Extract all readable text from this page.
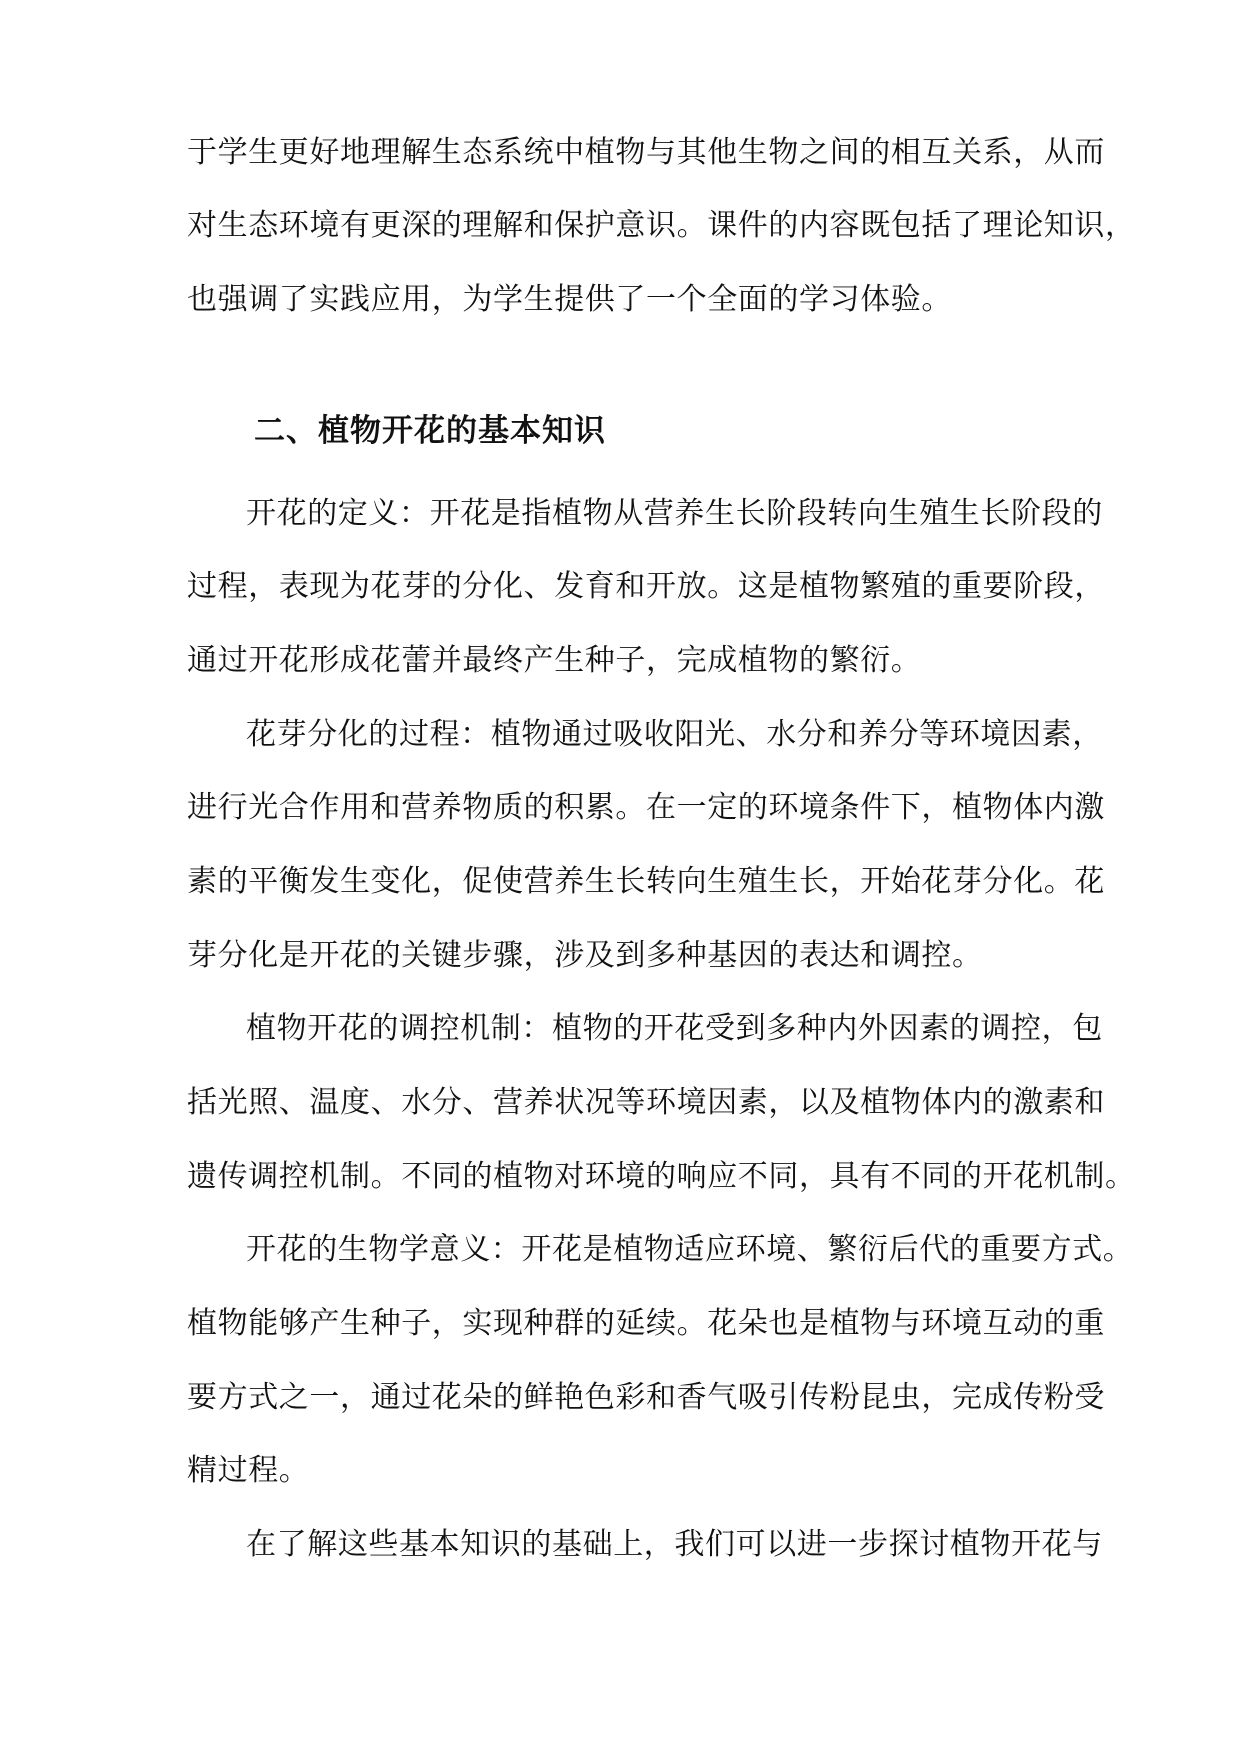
于学生更好地理解生态系统中植物与其他生物之间的相互关系，从而
对生态环境有更深的理解和保护意识。课件的内容既包括了理论知识，
也强调了实践应用，为学生提供了一个全面的学习体验。
二、植物开花的基本知识
开花的定义：开花是指植物从营养生长阶段转向生殖生长阶段的
过程，表现为花芽的分化、发育和开放。这是植物繁殖的重要阶段，
通过开花形成花蕾并最终产生种子，完成植物的繁衍。
花芽分化的过程：植物通过吸收阳光、水分和养分等环境因素，
进行光合作用和营养物质的积累。在一定的环境条件下，植物体内激
素的平衡发生变化，促使营养生长转向生殖生长，开始花芽分化。花
芽分化是开花的关键步骤，涉及到多种基因的表达和调控。
植物开花的调控机制：植物的开花受到多种内外因素的调控，包
括光照、温度、水分、营养状况等环境因素，以及植物体内的激素和
遗传调控机制。不同的植物对环境的响应不同，具有不同的开花机制。
开花的生物学意义：开花是植物适应环境、繁衍后代的重要方式。
植物能够产生种子，实现种群的延续。花朵也是植物与环境互动的重
要方式之一，通过花朵的鲜艳色彩和香气吸引传粉昆虫，完成传粉受
精过程。
在了解这些基本知识的基础上，我们可以进一步探讨植物开花与
